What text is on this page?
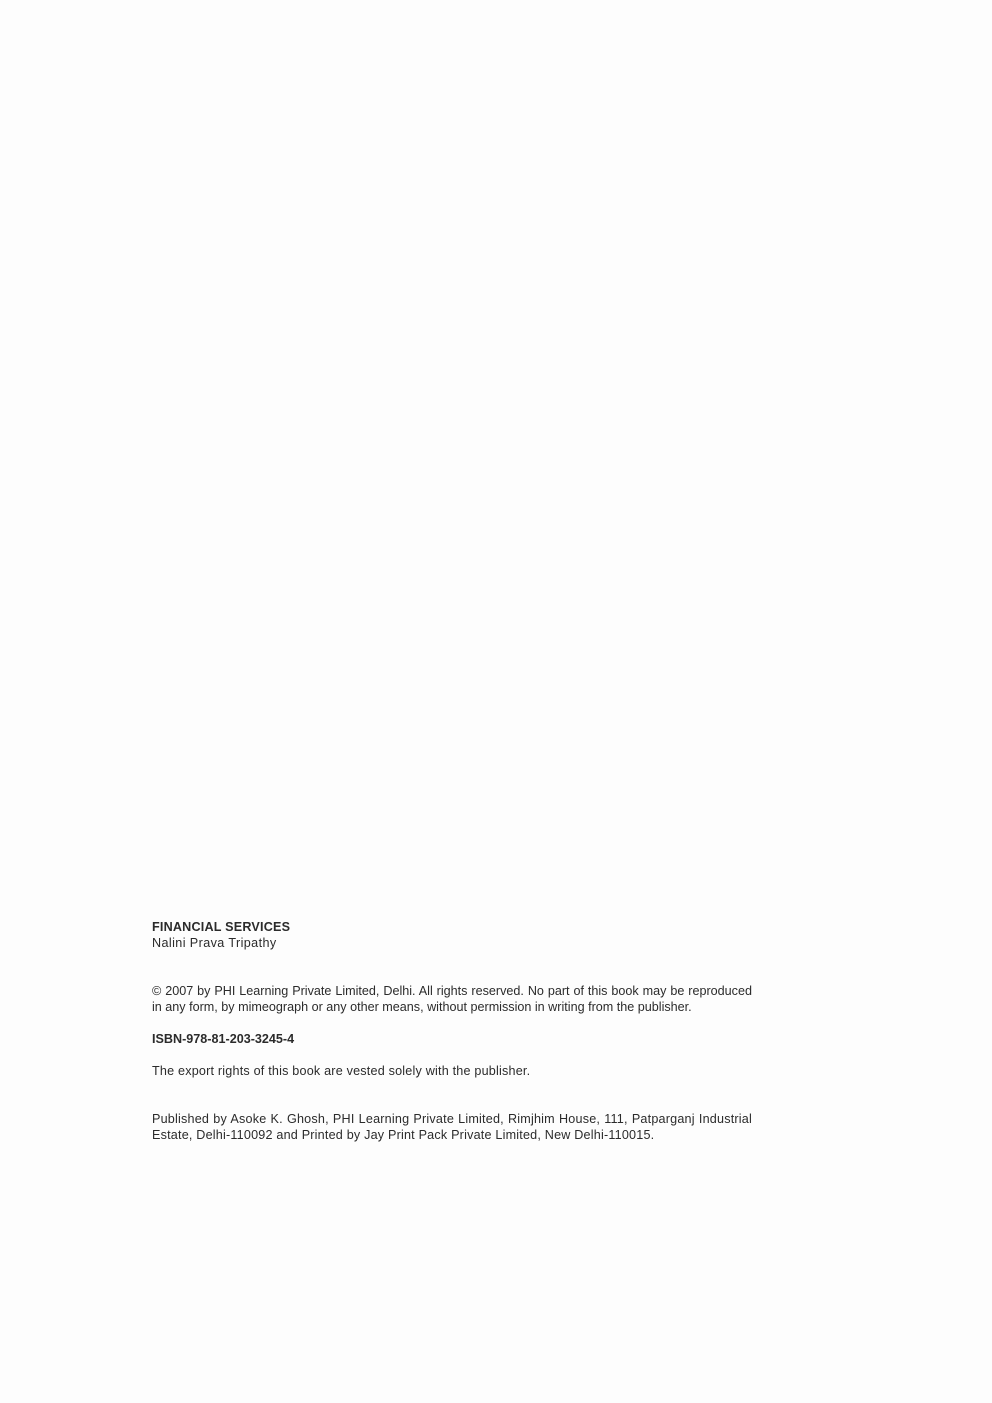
FINANCIAL SERVICES

Nalini Prava Tripathy

© 2007 by PHI Learning Private Limited, Delhi. All rights reserved. No part of this book may be reproduced in any form, by mimeograph or any other means, without permission in writing from the publisher.

ISBN-978-81-203-3245-4

The export rights of this book are vested solely with the publisher.

Published by Asoke K. Ghosh, PHI Learning Private Limited, Rimjhim House, 111, Patparganj Industrial Estate, Delhi-110092 and Printed by Jay Print Pack Private Limited, New Delhi-110015.
